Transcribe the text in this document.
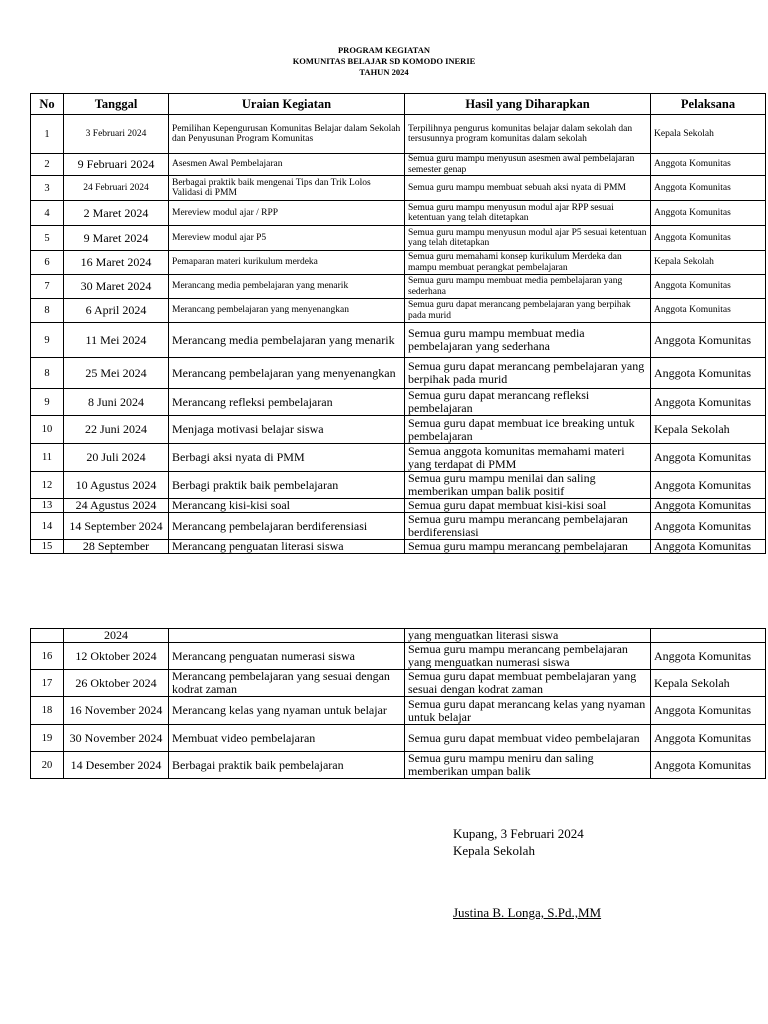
PROGRAM KEGIATAN
KOMUNITAS BELAJAR SD KOMODO INERIE
TAHUN 2024
No	Tanggal	Uraian Kegiatan	Hasil yang Diharapkan	Pelaksana
1	3 Februari 2024	Pemilihan Kepengurusan Komunitas Belajar dalam Sekolah dan Penyusunan Program Komunitas	Terpilihnya pengurus komunitas belajar dalam sekolah dan tersusunnya program komunitas dalam sekolah	Kepala Sekolah
2	9 Februari 2024	Asesmen Awal Pembelajaran	Semua guru mampu menyusun asesmen awal pembelajaran semester genap	Anggota Komunitas
3	24 Februari 2024	Berbagai praktik baik mengenai Tips dan Trik Lolos Validasi di PMM	Semua guru mampu membuat sebuah aksi nyata di PMM	Anggota Komunitas
4	2 Maret 2024	Mereview modul ajar / RPP	Semua guru mampu menyusun modul ajar RPP sesuai ketentuan yang telah ditetapkan	Anggota Komunitas
5	9 Maret 2024	Mereview modul ajar P5	Semua guru mampu menyusun modul ajar P5 sesuai ketentuan yang telah ditetapkan	Anggota Komunitas
6	16 Maret 2024	Pemaparan materi kurikulum merdeka	Semua guru memahami konsep kurikulum Merdeka dan mampu membuat perangkat pembelajaran	Kepala Sekolah
7	30 Maret 2024	Merancang media pembelajaran yang menarik	Semua guru mampu membuat media pembelajaran yang sederhana	Anggota Komunitas
8	6 April 2024	Merancang pembelajaran yang menyenangkan	Semua guru dapat merancang pembelajaran yang berpihak pada murid	Anggota Komunitas
9	11 Mei 2024	Merancang media pembelajaran yang menarik	Semua guru mampu membuat media pembelajaran yang sederhana	Anggota Komunitas
8	25 Mei 2024	Merancang pembelajaran yang menyenangkan	Semua guru dapat merancang pembelajaran yang berpihak pada murid	Anggota Komunitas
9	8 Juni 2024	Merancang refleksi pembelajaran	Semua guru dapat merancang refleksi pembelajaran	Anggota Komunitas
10	22 Juni 2024	Menjaga motivasi belajar siswa	Semua guru dapat membuat ice breaking untuk pembelajaran	Kepala Sekolah
11	20 Juli 2024	Berbagi aksi nyata di PMM	Semua anggota komunitas memahami materi yang terdapat di PMM	Anggota Komunitas
12	10 Agustus 2024	Berbagi praktik baik pembelajaran	Semua guru mampu menilai dan saling memberikan umpan balik positif	Anggota Komunitas
13	24 Agustus 2024	Merancang kisi-kisi soal	Semua guru dapat membuat kisi-kisi soal	Anggota Komunitas
14	14 September 2024	Merancang pembelajaran berdiferensiasi	Semua guru mampu merancang pembelajaran berdiferensiasi	Anggota Komunitas
15	28 September	Merancang penguatan literasi siswa	Semua guru mampu merancang pembelajaran	Anggota Komunitas
	2024		yang menguatkan literasi siswa	
16	12 Oktober 2024	Merancang penguatan numerasi siswa	Semua guru mampu merancang pembelajaran yang menguatkan numerasi siswa	Anggota Komunitas
17	26 Oktober 2024	Merancang pembelajaran yang sesuai dengan kodrat zaman	Semua guru dapat membuat pembelajaran yang sesuai dengan kodrat zaman	Kepala Sekolah
18	16 November 2024	Merancang kelas yang nyaman untuk belajar	Semua guru dapat merancang kelas yang nyaman untuk belajar	Anggota Komunitas
19	30 November 2024	Membuat video pembelajaran	Semua guru dapat membuat video pembelajaran	Anggota Komunitas
20	14 Desember 2024	Berbagai praktik baik pembelajaran	Semua guru mampu meniru dan saling memberikan umpan balik	Anggota Komunitas
Kupang, 3 Februari 2024
Kepala Sekolah
Justina B. Longa, S.Pd.,MM
